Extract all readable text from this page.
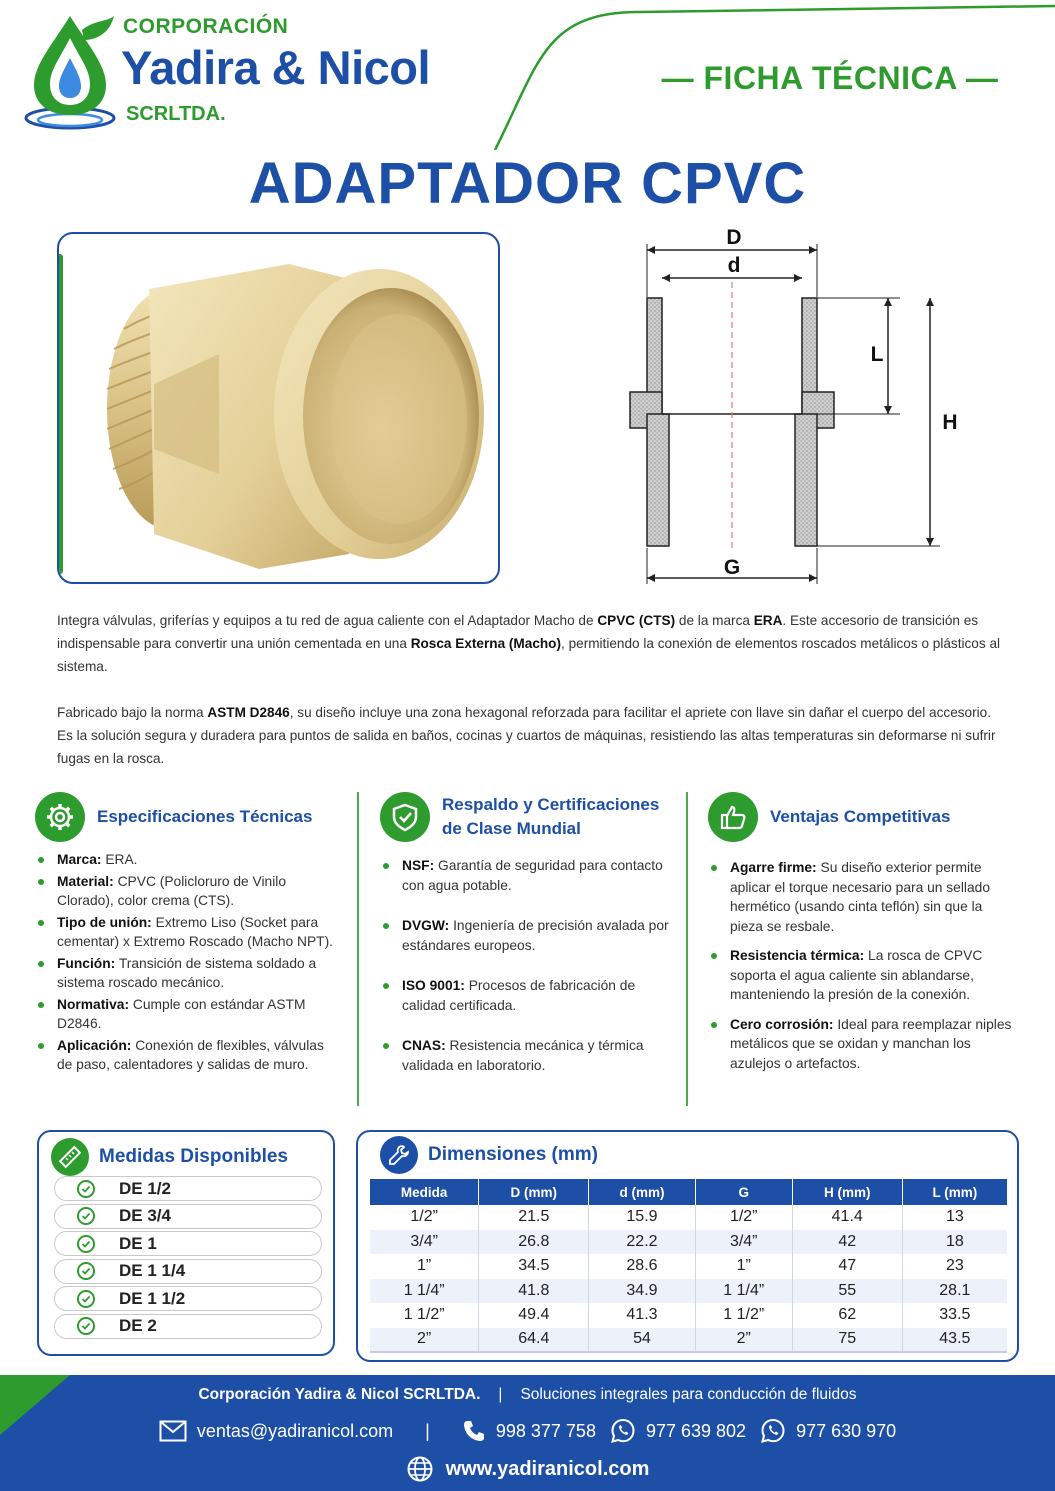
CORPORACIÓN
Yadira & Nicol
SCRLTDA.
— FICHA TÉCNICA —
ADAPTADOR CPVC
D
d
L
H
G

Integra válvulas, griferías y equipos a tu red de agua caliente con el Adaptador Macho de CPVC (CTS) de la marca ERA. Este accesorio de transición es indispensable para convertir una unión cementada en una Rosca Externa (Macho), permitiendo la conexión de elementos roscados metálicos o plásticos al sistema.

Fabricado bajo la norma ASTM D2846, su diseño incluye una zona hexagonal reforzada para facilitar el apriete con llave sin dañar el cuerpo del accesorio. Es la solución segura y duradera para puntos de salida en baños, cocinas y cuartos de máquinas, resistiendo las altas temperaturas sin deformarse ni sufrir fugas en la rosca.

Especificaciones Técnicas
Marca: ERA.
Material: CPVC (Policloruro de Vinilo Clorado), color crema (CTS).
Tipo de unión: Extremo Liso (Socket para cementar) x Extremo Roscado (Macho NPT).
Función: Transición de sistema soldado a sistema roscado mecánico.
Normativa: Cumple con estándar ASTM D2846.
Aplicación: Conexión de flexibles, válvulas de paso, calentadores y salidas de muro.
Respaldo y Certificaciones de Clase Mundial
NSF: Garantía de seguridad para contacto con agua potable.
DVGW: Ingeniería de precisión avalada por estándares europeos.
ISO 9001: Procesos de fabricación de calidad certificada.
CNAS: Resistencia mecánica y térmica validada en laboratorio.
Ventajas Competitivas
Agarre firme: Su diseño exterior permite aplicar el torque necesario para un sellado hermético (usando cinta teflón) sin que la pieza se resbale.
Resistencia térmica: La rosca de CPVC soporta el agua caliente sin ablandarse, manteniendo la presión de la conexión.
Cero corrosión: Ideal para reemplazar niples metálicos que se oxidan y manchan los azulejos o artefactos.
Medidas Disponibles
DE 1/2
DE 3/4
DE 1
DE 1 1/4
DE 1 1/2
DE 2
Dimensiones (mm)
Medida	D (mm)	d (mm)	G	H (mm)	L (mm)
1/2”	21.5	15.9	1/2”	41.4	13
3/4”	26.8	22.2	3/4”	42	18
1”	34.5	28.6	1”	47	23
1 1/4”	41.8	34.9	1 1/4”	55	28.1
1 1/2”	49.4	41.3	1 1/2”	62	33.5
2”	64.4	54	2”	75	43.5
Corporación Yadira & Nicol SCRLTDA. | Soluciones integrales para conducción de fluidos
ventas@yadiranicol.com |	998 377 758	977 639 802	977 630 970
www.yadiranicol.com
